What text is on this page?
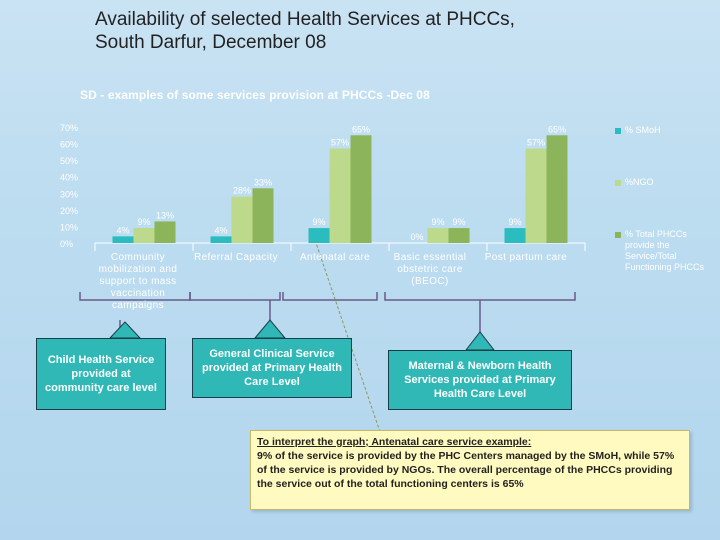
Availability of selected Health Services at PHCCs,
South Darfur, December 08
SD - examples of some services provision at PHCCs -Dec 08
0%
10%
20%
30%
40%
50%
60%
70%
4%	4%
9%
0%
9%
9%
28%
57%
9%
57%
13%
33%
65%
9%
65%
Community mobilization and support to mass vaccination campaigns
Referral Capacity	Antenatal care	Basic essential obstetric care (BEOC)
Post partum care
% SMoH
%NGO
% Total PHCCs provide the Service/Total Functioning PHCCs
Child Health Service provided at community care level
General Clinical Service provided at Primary Health Care Level
Maternal & Newborn Health Services provided at Primary Health Care Level
To interpret the graph; Antenatal care service example:
9% of the service is provided by the PHC Centers managed by the SMoH, while 57% of the service is provided by NGOs. The overall percentage of the PHCCs providing the service out of the total functioning centers is 65%
